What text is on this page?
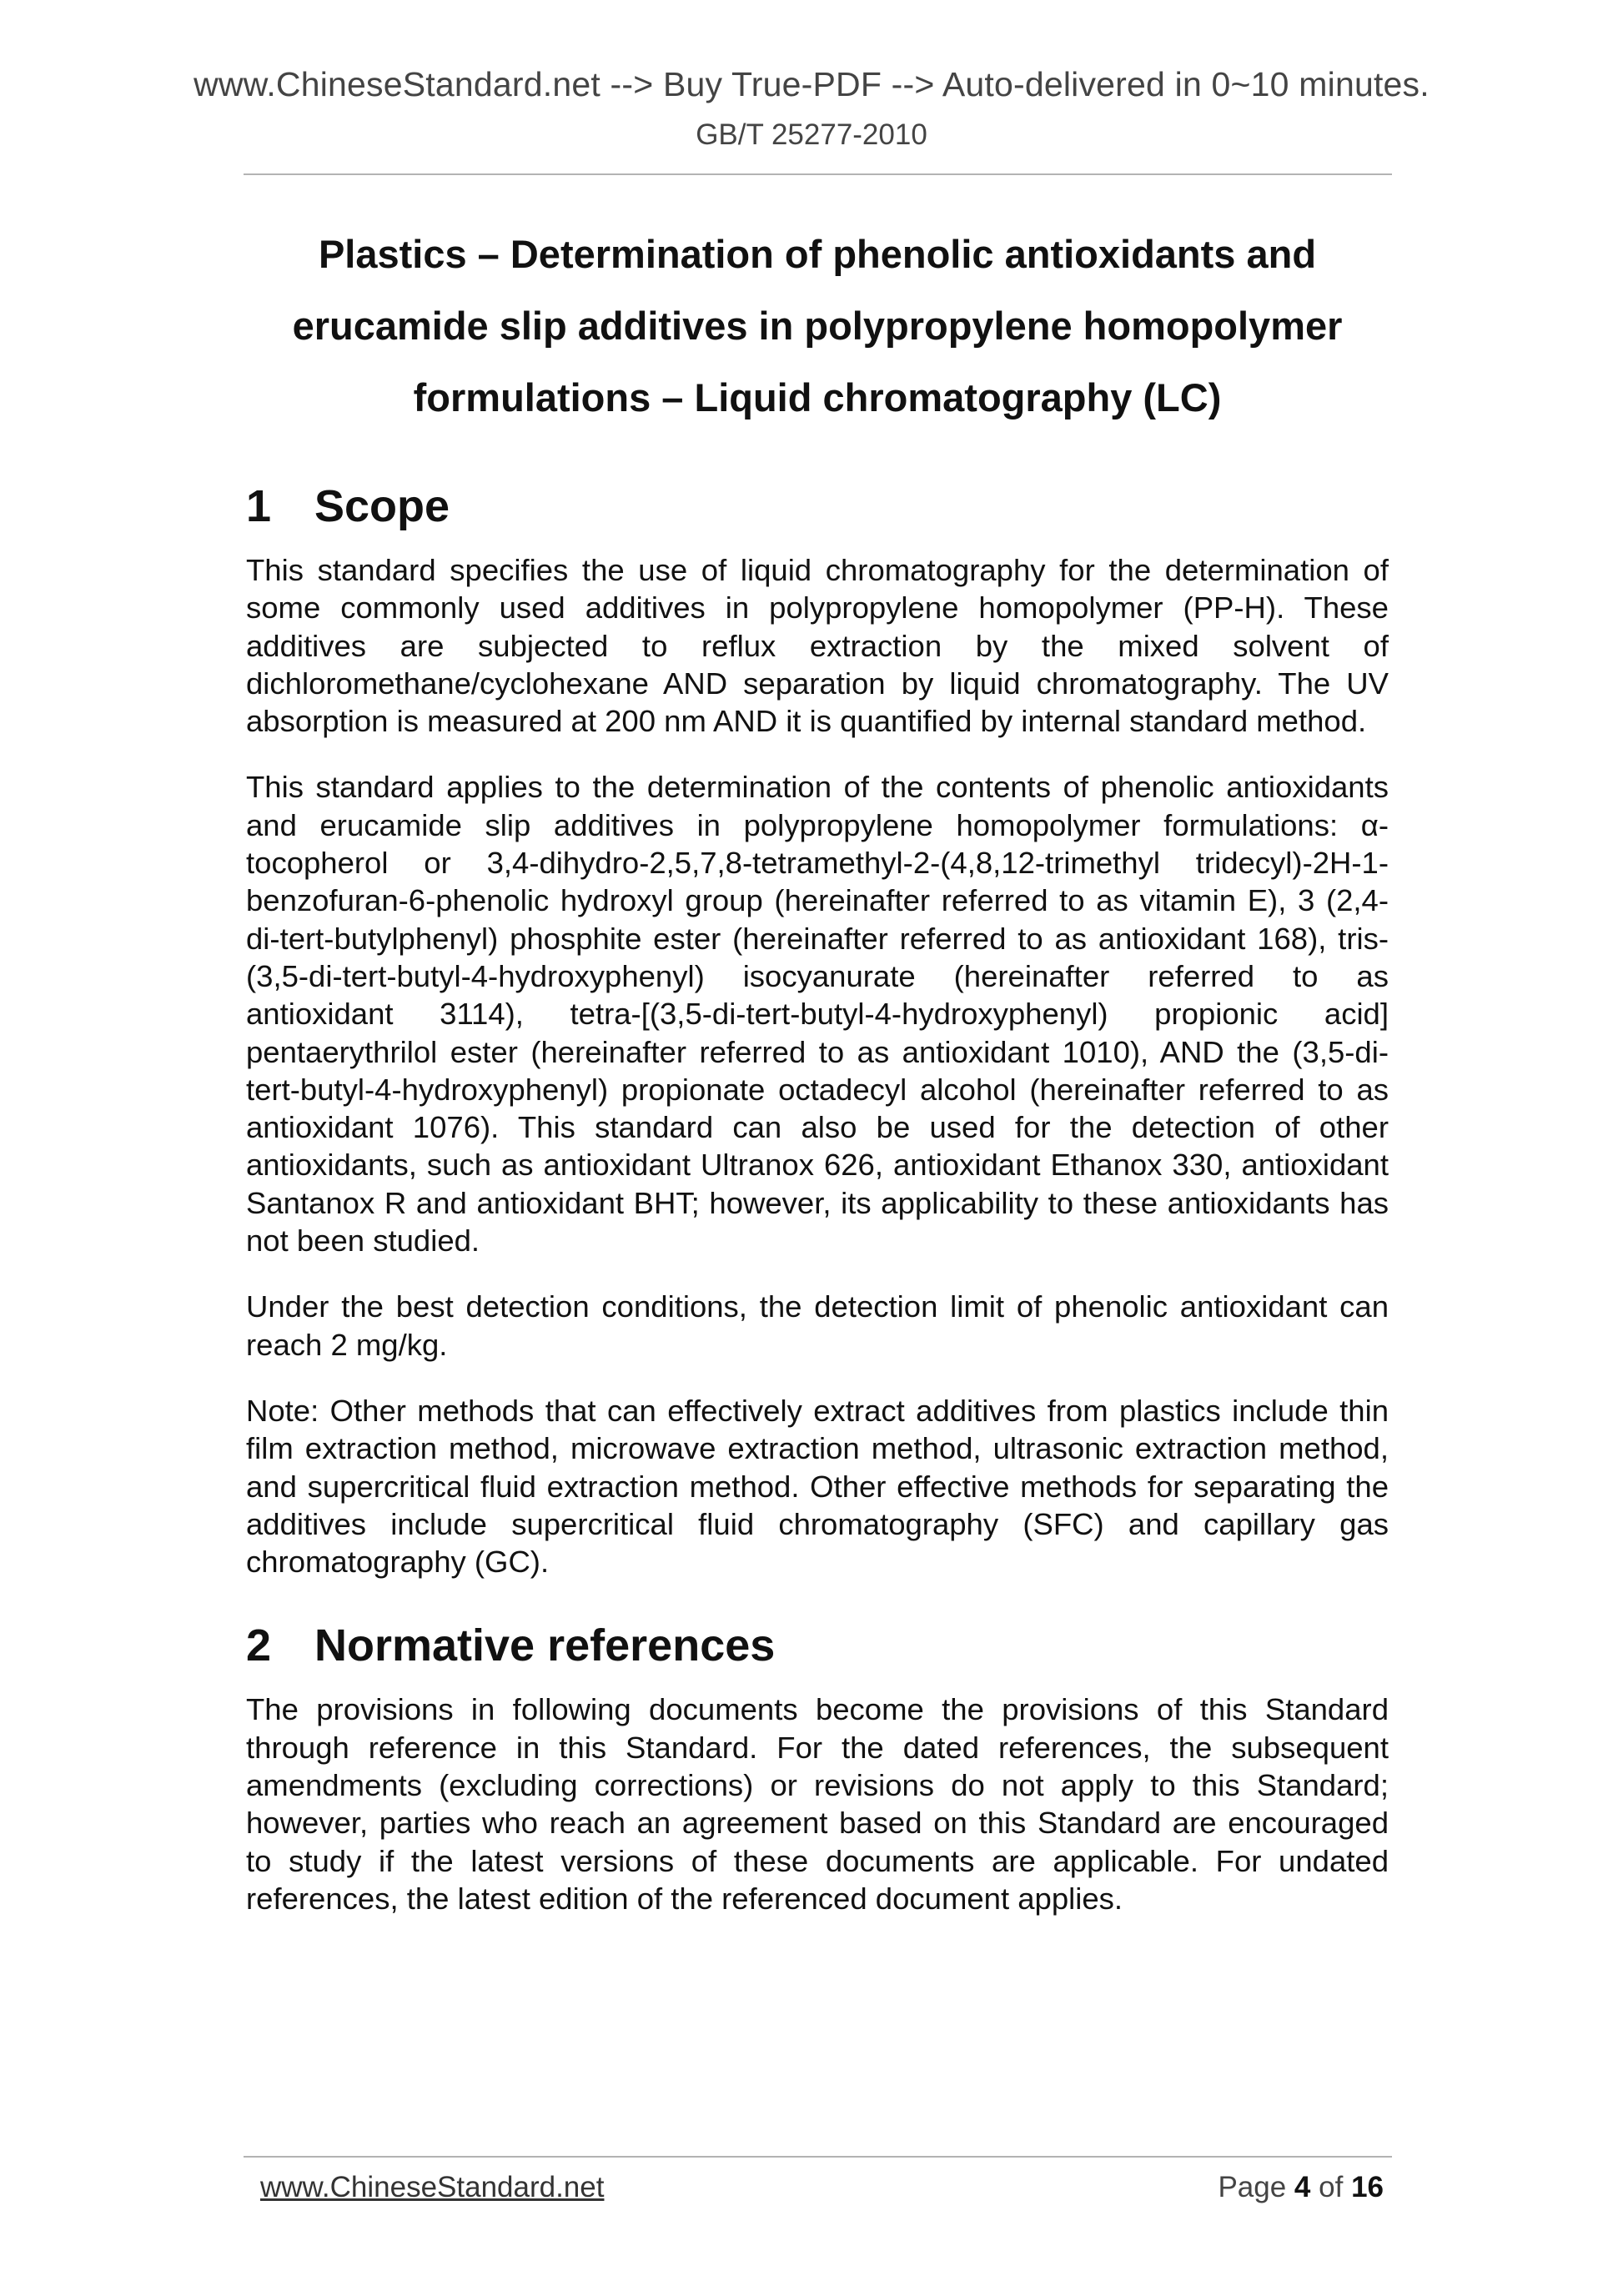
www.ChineseStandard.net --> Buy True-PDF --> Auto-delivered in 0~10 minutes.
GB/T 25277-2010
Plastics – Determination of phenolic antioxidants and
erucamide slip additives in polypropylene homopolymer
formulations – Liquid chromatography (LC)
1 Scope

This standard specifies the use of liquid chromatography for the determination of some commonly used additives in polypropylene homopolymer (PP-H). These additives are subjected to reflux extraction by the mixed solvent of dichloromethane/cyclohexane AND separation by liquid chromatography. The UV absorption is measured at 200 nm AND it is quantified by internal standard method.

This standard applies to the determination of the contents of phenolic antioxidants and erucamide slip additives in polypropylene homopolymer formulations: α-tocopherol or 3,4-dihydro-2,5,7,8-tetramethyl-2-(4,8,12-trimethyl tridecyl)-2H-1-benzofuran-6-phenolic hydroxyl group (hereinafter referred to as vitamin E), 3 (2,4-di-tert-butylphenyl) phosphite ester (hereinafter referred to as antioxidant 168), tris-(3,5-di-tert-butyl-4-hydroxyphenyl) isocyanurate (hereinafter referred to as antioxidant 3114), tetra-[(3,5-di-tert-butyl-4-hydroxyphenyl) propionic acid] pentaerythrilol ester (hereinafter referred to as antioxidant 1010), AND the (3,5-di-tert-butyl-4-hydroxyphenyl) propionate octadecyl alcohol (hereinafter referred to as antioxidant 1076). This standard can also be used for the detection of other antioxidants, such as antioxidant Ultranox 626, antioxidant Ethanox 330, antioxidant Santanox R and antioxidant BHT; however, its applicability to these antioxidants has not been studied.

Under the best detection conditions, the detection limit of phenolic antioxidant can reach 2 mg/kg.

Note: Other methods that can effectively extract additives from plastics include thin film extraction method, microwave extraction method, ultrasonic extraction method, and supercritical fluid extraction method. Other effective methods for separating the additives include supercritical fluid chromatography (SFC) and capillary gas chromatography (GC).

2 Normative references

The provisions in following documents become the provisions of this Standard through reference in this Standard. For the dated references, the subsequent amendments (excluding corrections) or revisions do not apply to this Standard; however, parties who reach an agreement based on this Standard are encouraged to study if the latest versions of these documents are applicable. For undated references, the latest edition of the referenced document applies.

www.ChineseStandard.net	Page 4 of 16
